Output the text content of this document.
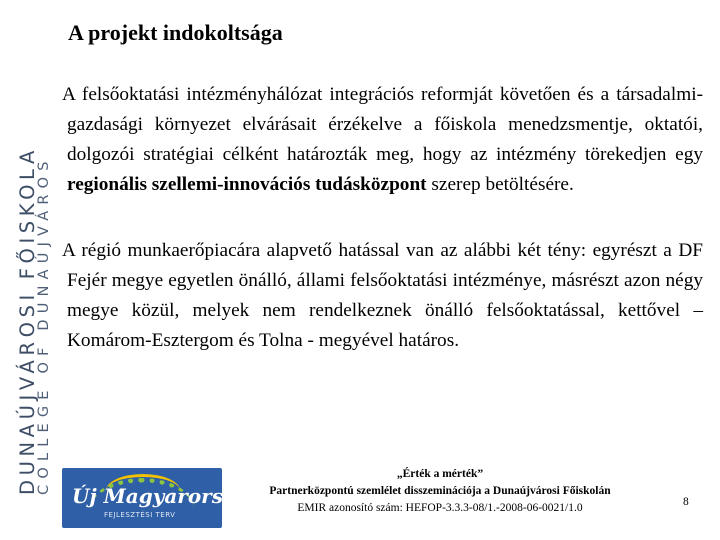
DUNAÚJVÁROSI FŐISKOLA
COLLEGE OF DUNAÚJVÁROS
A projekt indokoltsága

A felsőoktatási intézményhálózat integrációs reformját követően és a társadalmi-gazdasági környezet elvárásait érzékelve a főiskola menedzsmentje, oktatói, dolgozói stratégiai célként határozták meg, hogy az intézmény törekedjen egy regionális szellemi-innovációs tudásközpont szerep betöltésére.

A régió munkaerőpiacára alapvető hatással van az alábbi két tény: egyrészt a DF Fejér megye egyetlen önálló, állami felsőoktatási intézménye, másrészt azon négy megye közül, melyek nem rendelkeznek önálló felsőoktatással, kettővel – Komárom-Esztergom és Tolna - megyével határos.

Új Magyarország
FEJLESZTÉSI TERV
„Érték a mérték”
Partnerközpontú szemlélet disszeminációja a Dunaújvárosi Főiskolán
EMIR azonosító szám: HEFOP-3.3.3-08/1.-2008-06-0021/1.0	8
